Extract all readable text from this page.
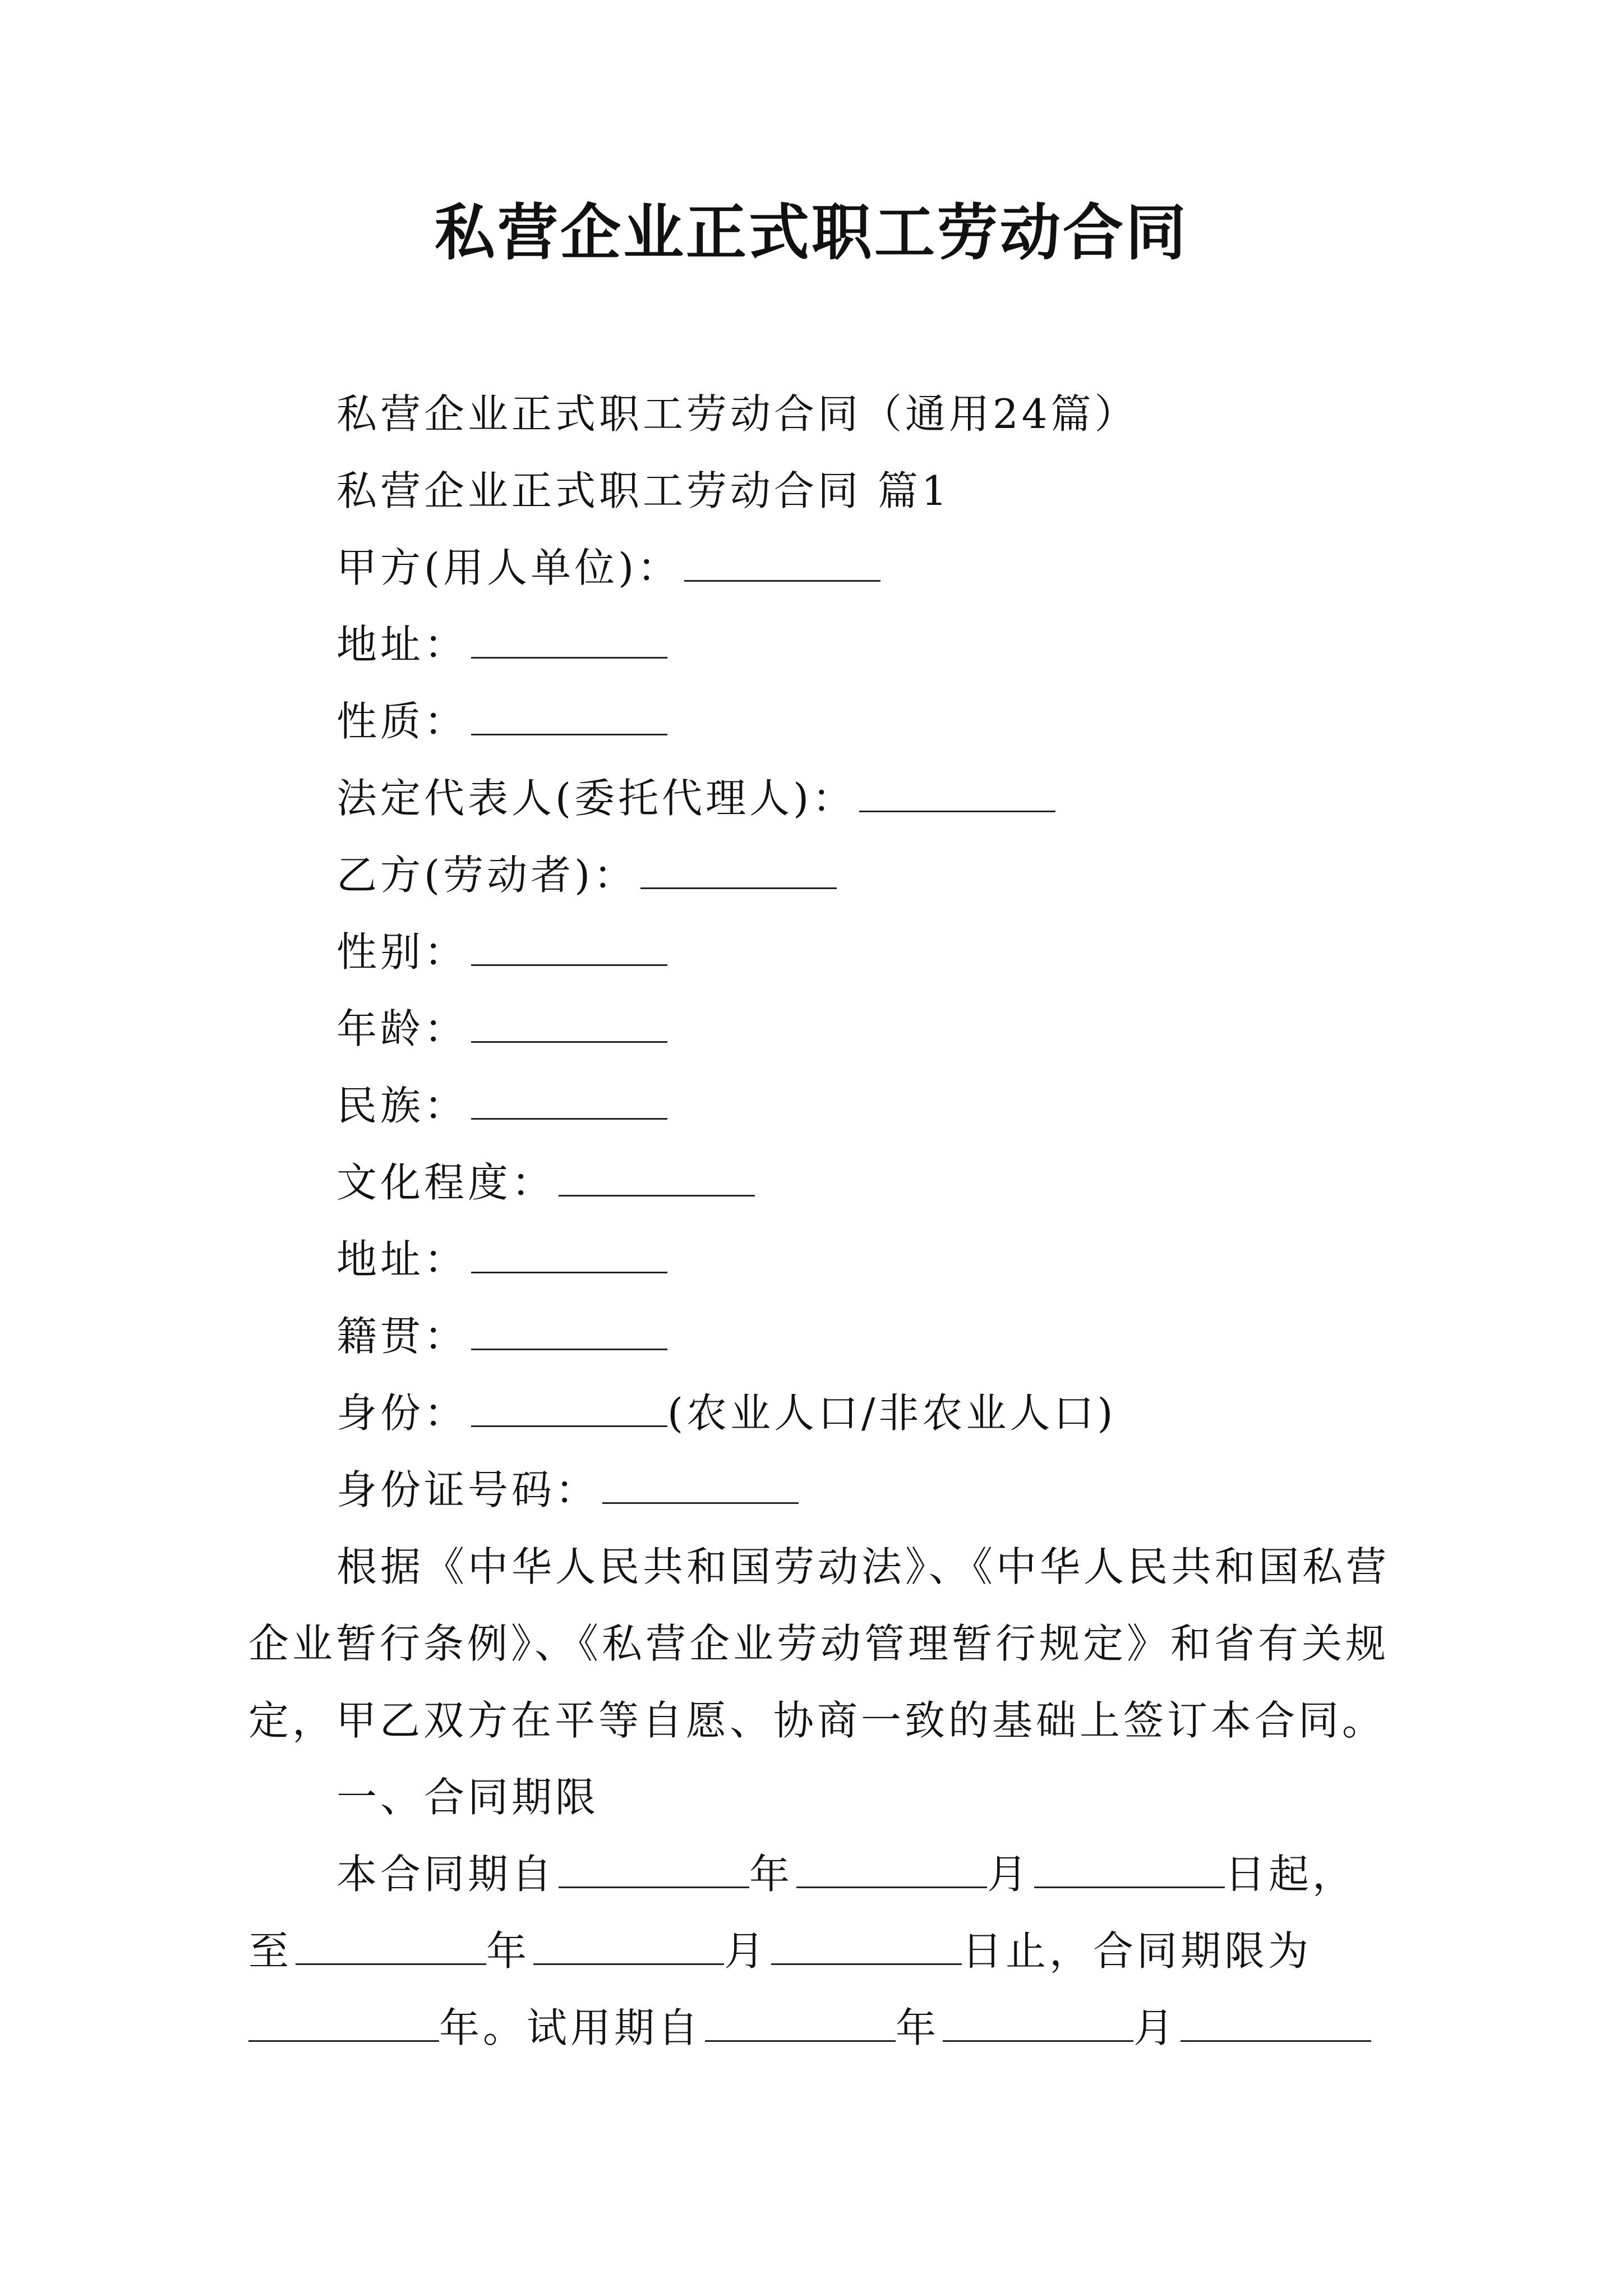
私营企业正式职工劳动合同
私营企业正式职工劳动合同（通用24篇）
私营企业正式职工劳动合同 篇1
甲方(用人单位)：
地址：
性质：
法定代表人(委托代理人)：
乙方(劳动者)：
性别：
年龄：
民族：
文化程度：
地址：
籍贯：
身份：	(农业人口/非农业人口)
身份证号码：
根据《中华人民共和国劳动法》、《中华人民共和国私营
企业暂行条例》、《私营企业劳动管理暂行规定》和省有关规
定，甲乙双方在平等自愿、协商一致的基础上签订本合同。
一、合同期限
本合同期自	年	月	日起，
至	年	月	日止，合同期限为
年。试用期自	年	月
